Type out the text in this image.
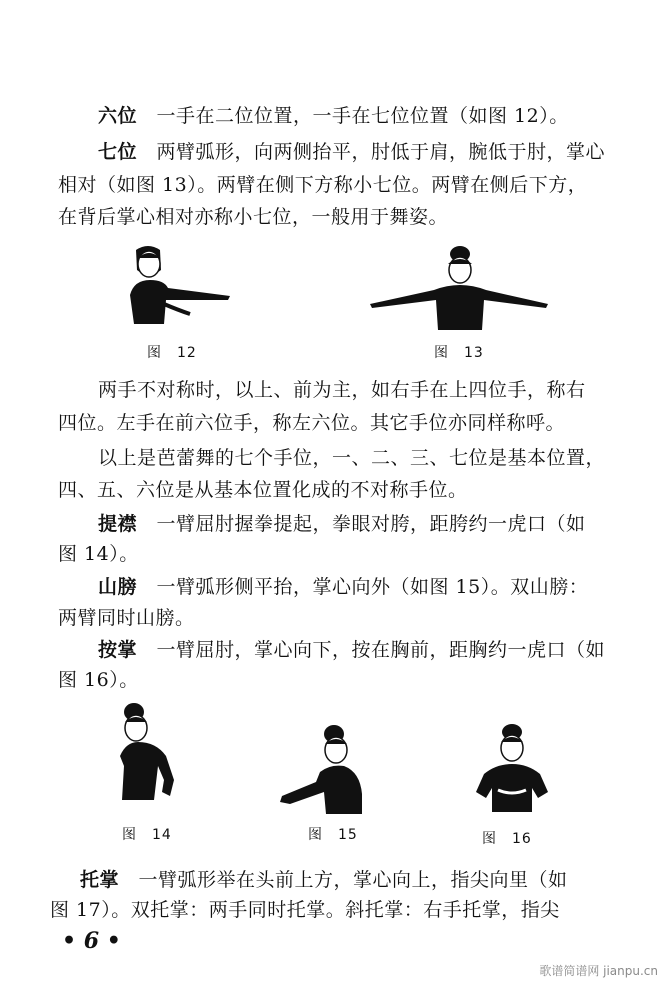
六位　一手在二位位置，一手在七位位置（如图 12）。
七位　两臂弧形，向两侧抬平，肘低于肩，腕低于肘，掌心
相对（如图 13）。两臂在侧下方称小七位。两臂在侧后下方，
在背后掌心相对亦称小七位，一般用于舞姿。
图　12	图　13
两手不对称时，以上、前为主，如右手在上四位手，称右
四位。左手在前六位手，称左六位。其它手位亦同样称呼。
以上是芭蕾舞的七个手位，一、二、三、七位是基本位置，
四、五、六位是从基本位置化成的不对称手位。
提襟　一臂屈肘握拳提起，拳眼对胯，距胯约一虎口（如
图 14）。
山膀　一臂弧形侧平抬，掌心向外（如图 15）。双山膀：
两臂同时山膀。
按掌　一臂屈肘，掌心向下，按在胸前，距胸约一虎口（如
图 16）。
图　14	图　15	图　16
托掌　一臂弧形举在头前上方，掌心向上，指尖向里（如
图 17）。双托掌：两手同时托掌。斜托掌：右手托掌，指尖
• 6 •
歌谱简谱网 jianpu.cn
